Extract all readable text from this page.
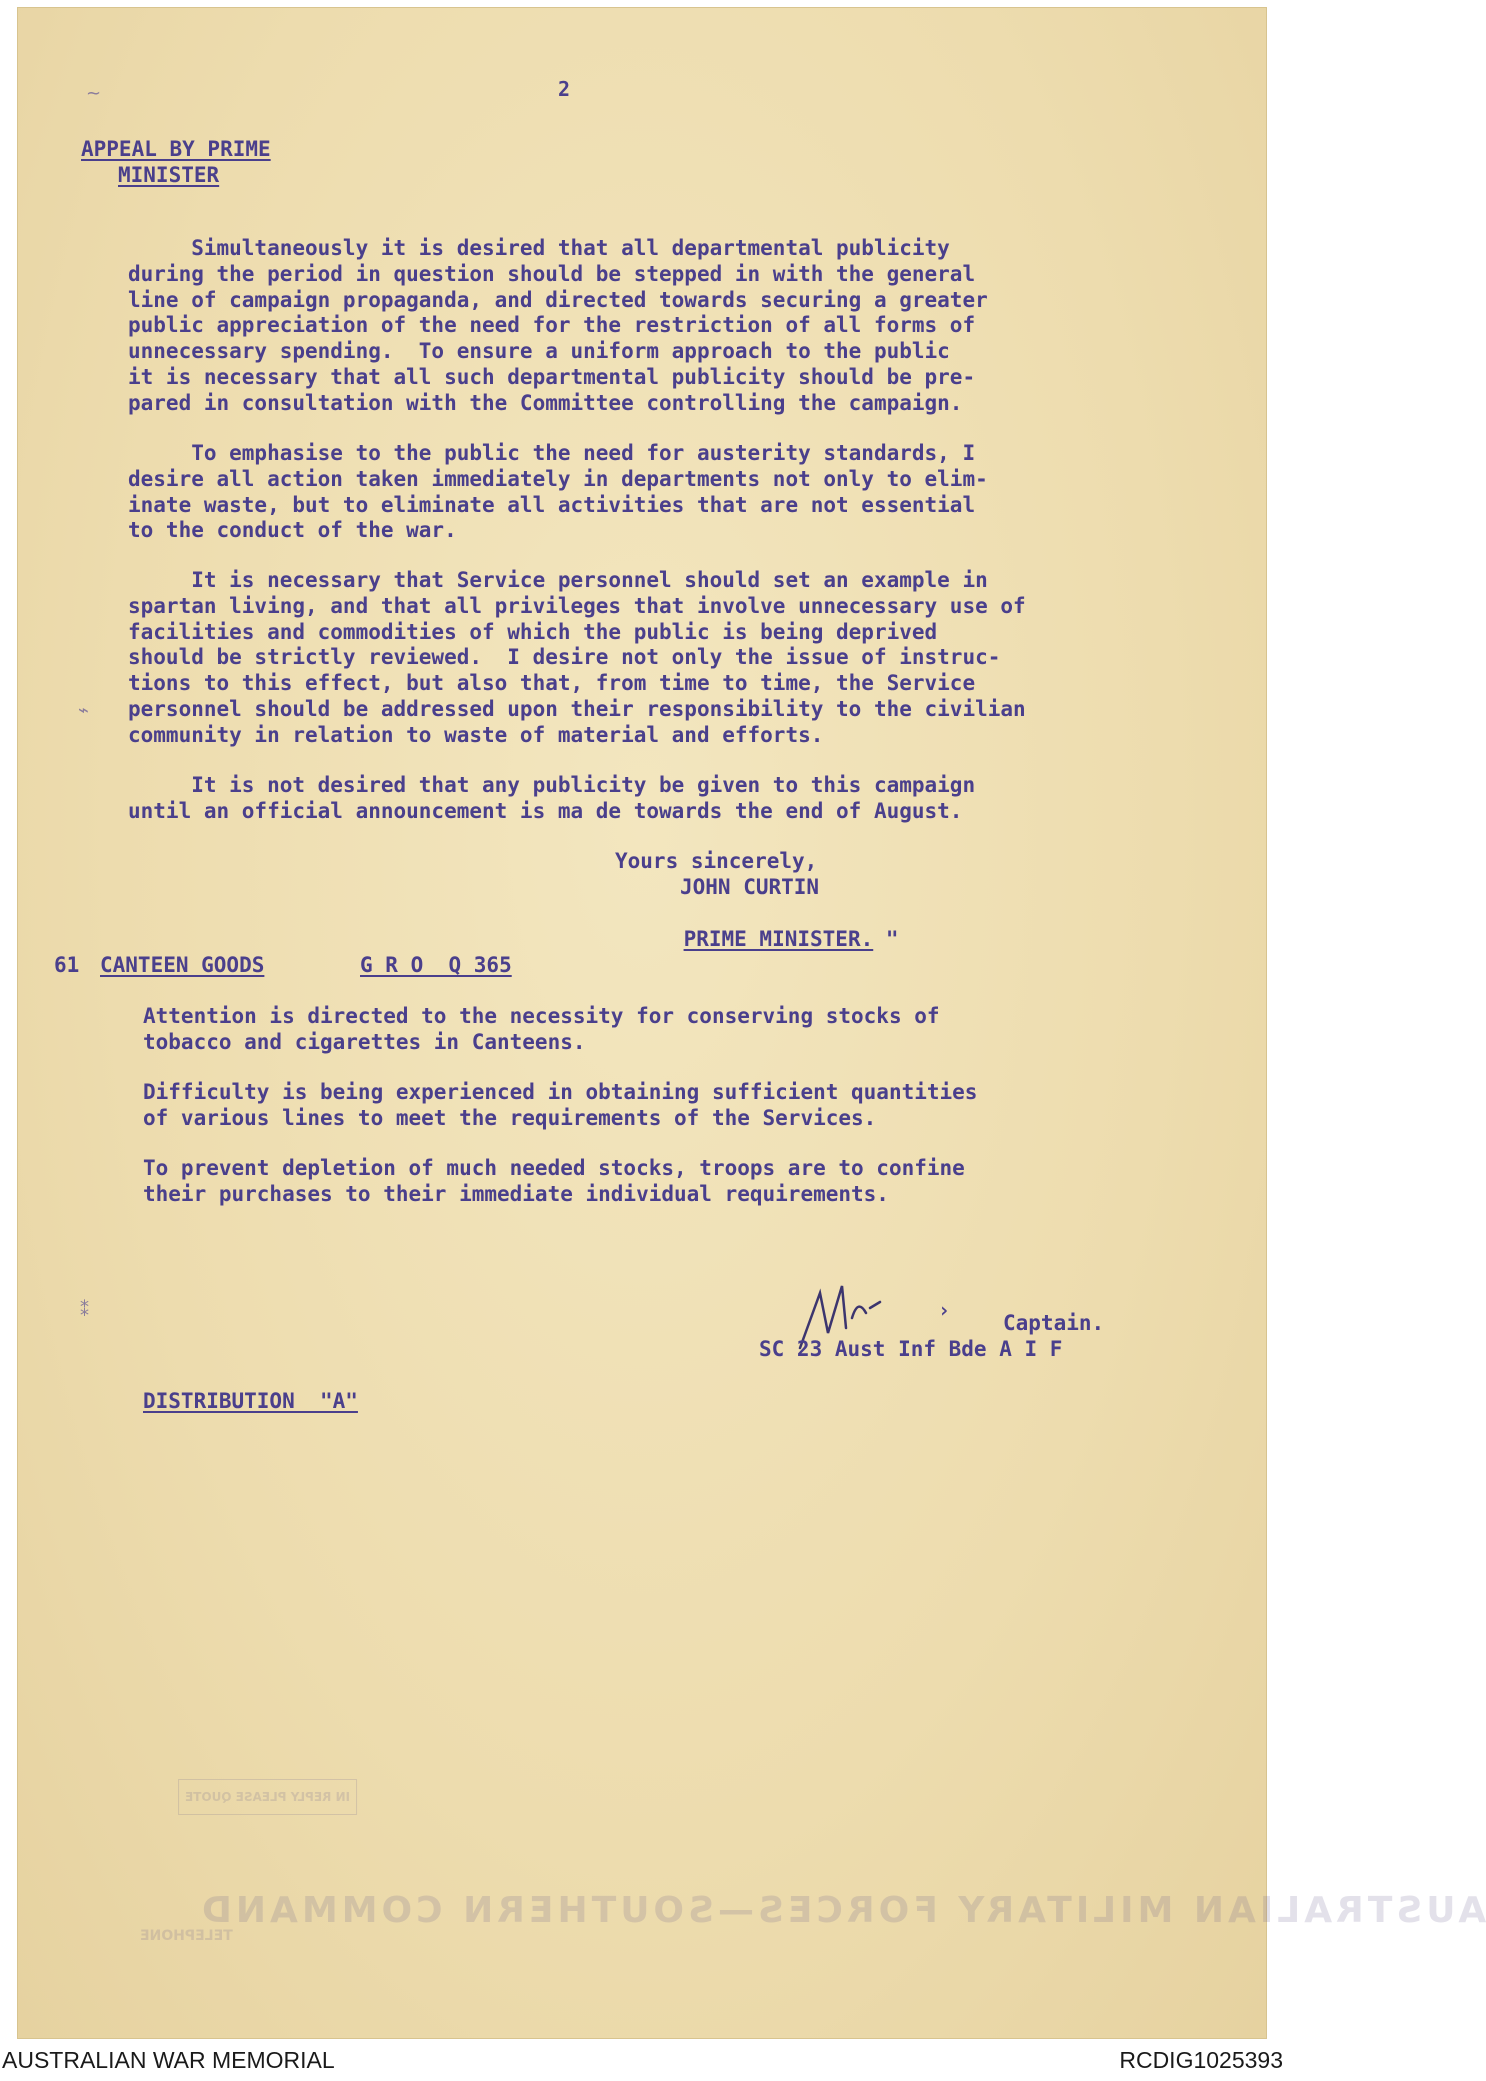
2
APPEAL BY PRIME
MINISTER
Simultaneously it is desired that all departmental publicity
during the period in question should be stepped in with the general
line of campaign propaganda, and directed towards securing a greater
public appreciation of the need for the restriction of all forms of
unnecessary spending.  To ensure a uniform approach to the public
it is necessary that all such departmental publicity should be pre-
pared in consultation with the Committee controlling the campaign.
To emphasise to the public the need for austerity standards, I
desire all action taken immediately in departments not only to elim-
inate waste, but to eliminate all activities that are not essential
to the conduct of the war.
It is necessary that Service personnel should set an example in
spartan living, and that all privileges that involve unnecessary use of
facilities and commodities of which the public is being deprived
should be strictly reviewed.  I desire not only the issue of instruc-
tions to this effect, but also that, from time to time, the Service
personnel should be addressed upon their responsibility to the civilian
community in relation to waste of material and efforts.
It is not desired that any publicity be given to this campaign
until an official announcement is ma de towards the end of August.
Yours sincerely,
JOHN CURTIN

PRIME MINISTER. "

61 CANTEEN GOODS	G R O  Q 365
Attention is directed to the necessity for conserving stocks of
tobacco and cigarettes in Canteens.
Difficulty is being experienced in obtaining sufficient quantities
of various lines to meet the requirements of the Services.
To prevent depletion of much needed stocks, troops are to confine
their purchases to their immediate individual requirements.
›
Captain.
SC 23 Aust Inf Bde A I F
DISTRIBUTION  "A"
AUSTRALIAN MILITARY FORCES—SOUTHERN COMMAND
TELEPHONE
IN REPLY PLEASE QUOTE
~
⌁
⁑
AUSTRALIAN WAR MEMORIAL	RCDIG1025393
